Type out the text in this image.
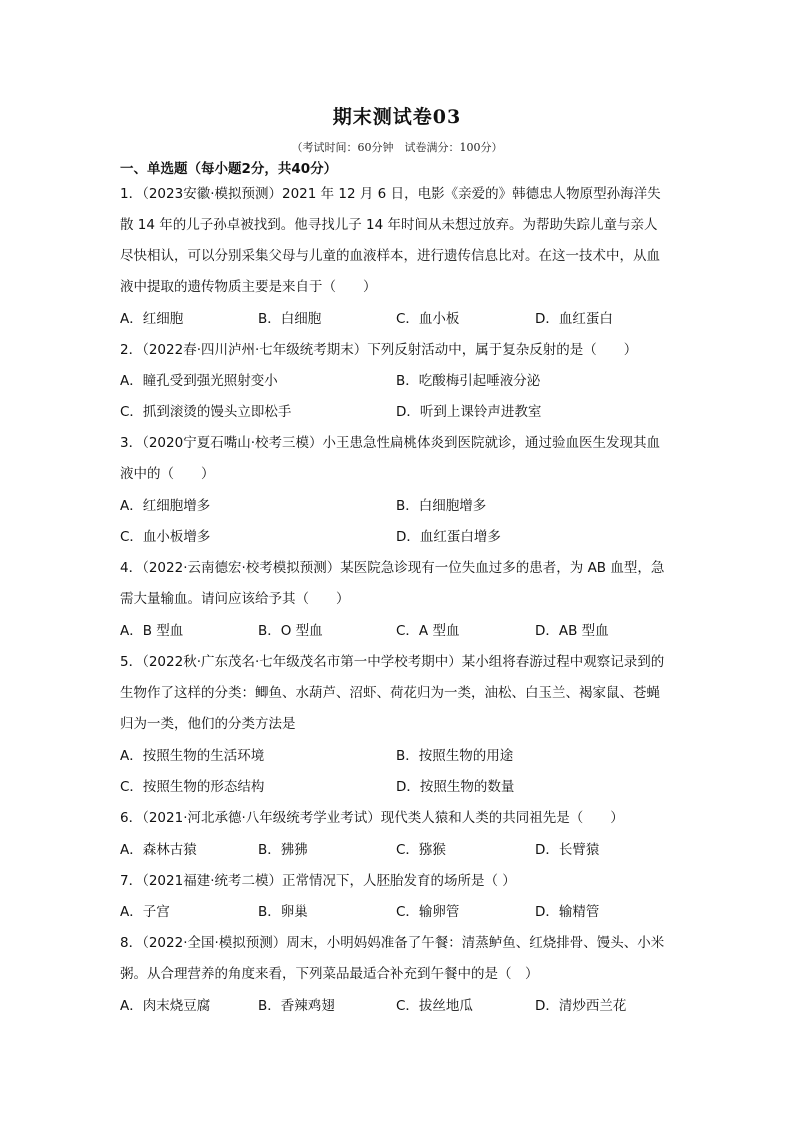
期末测试卷03
（考试时间：60分钟　试卷满分：100分）
一、单选题（每小题2分，共40分）
1．（2023安徽·模拟预测）2021 年 12 月 6 日，电影《亲爱的》韩德忠人物原型孙海洋失
散 14 年的儿子孙卓被找到。他寻找儿子 14 年时间从未想过放弃。为帮助失踪儿童与亲人
尽快相认，可以分别采集父母与儿童的血液样本，进行遗传信息比对。在这一技术中，从血
液中提取的遗传物质主要是来自于（　　）
A．红细胞	B．白细胞	C．血小板	D．血红蛋白
2．（2022春·四川泸州·七年级统考期末）下列反射活动中，属于复杂反射的是（　　）
A．瞳孔受到强光照射变小	B．吃酸梅引起唾液分泌
C．抓到滚烫的馒头立即松手	D．听到上课铃声进教室
3．（2020宁夏石嘴山·校考三模）小王患急性扁桃体炎到医院就诊，通过验血医生发现其血
液中的（　　）
A．红细胞增多	B．白细胞增多
C．血小板增多	D．血红蛋白增多
4．（2022·云南德宏·校考模拟预测）某医院急诊现有一位失血过多的患者，为 AB 血型，急
需大量输血。请问应该给予其（　　）
A．B 型血	B．O 型血	C．A 型血	D．AB 型血
5．（2022秋·广东茂名·七年级茂名市第一中学校考期中）某小组将春游过程中观察记录到的
生物作了这样的分类：鲫鱼、水葫芦、沼虾、荷花归为一类，油松、白玉兰、褐家鼠、苍蝇
归为一类，他们的分类方法是
A．按照生物的生活环境	B．按照生物的用途
C．按照生物的形态结构	D．按照生物的数量
6．（2021·河北承德·八年级统考学业考试）现代类人猿和人类的共同祖先是（　　）
A．森林古猿	B．狒狒	C．猕猴	D．长臂猿
7．（2021福建·统考二模）正常情况下，人胚胎发育的场所是（ ）
A．子宫	B．卵巢	C．输卵管	D．输精管
8．（2022·全国·模拟预测）周末，小明妈妈准备了午餐：清蒸鲈鱼、红烧排骨、馒头、小米
粥。从合理营养的角度来看，下列菜品最适合补充到午餐中的是（　）
A．肉末烧豆腐	B．香辣鸡翅	C．拔丝地瓜	D．清炒西兰花
